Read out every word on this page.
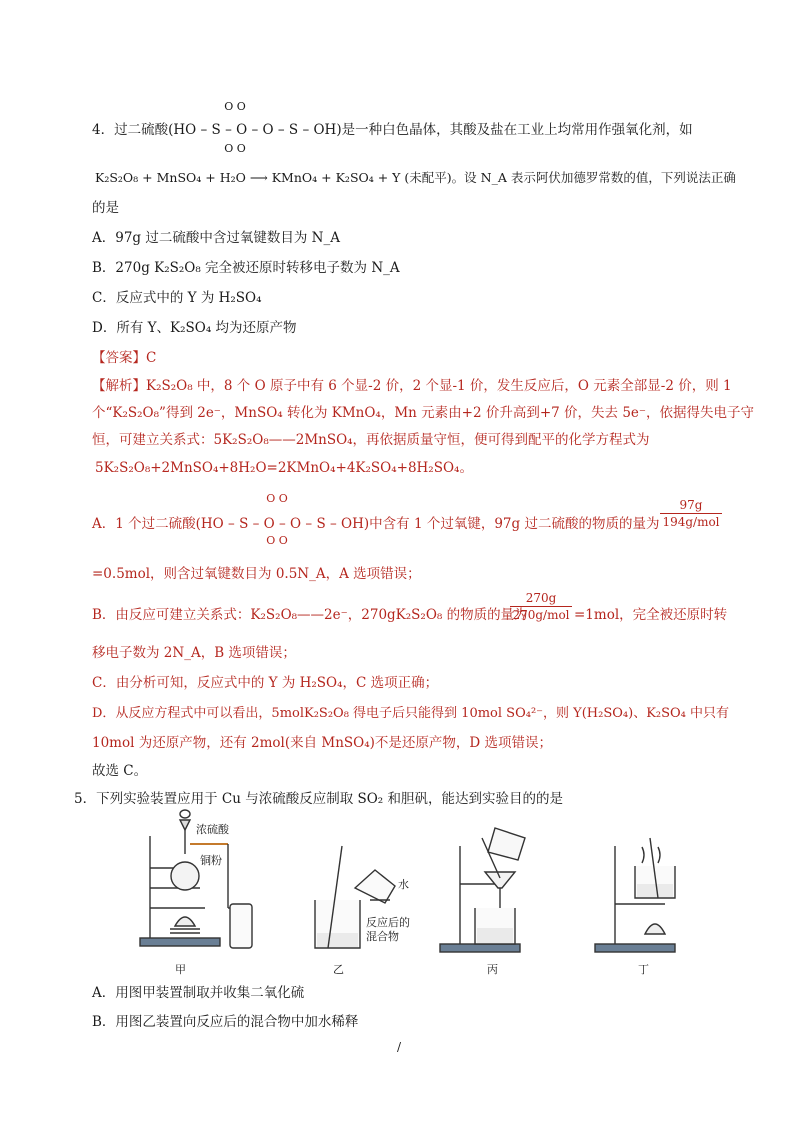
4．过二硫酸(HO – S – O – O – S – OH)是一种白色晶体，其酸及盐在工业上均常用作强氧化剂，如
O O
O O
K₂S₂O₈ + MnSO₄ + H₂O ⟶ KMnO₄ + K₂SO₄ + Y (未配平)。设 N_A 表示阿伏加德罗常数的值，下列说法正确
的是
A．97g 过二硫酸中含过氧键数目为 N_A
B．270g K₂S₂O₈ 完全被还原时转移电子数为 N_A
C．反应式中的 Y 为 H₂SO₄
D．所有 Y、K₂SO₄ 均为还原产物
【答案】C
【解析】K₂S₂O₈ 中，8 个 O 原子中有 6 个显-2 价，2 个显-1 价，发生反应后，O 元素全部显-2 价，则 1
个“K₂S₂O₈”得到 2e⁻，MnSO₄ 转化为 KMnO₄，Mn 元素由+2 价升高到+7 价，失去 5e⁻，依据得失电子守
恒，可建立关系式：5K₂S₂O₈——2MnSO₄，再依据质量守恒，便可得到配平的化学方程式为
5K₂S₂O₈+2MnSO₄+8H₂O=2KMnO₄+4K₂SO₄+8H₂SO₄。
A．1 个过二硫酸(HO – S – O – O – S – OH)中含有 1 个过氧键，97g 过二硫酸的物质的量为
O O
O O
97g
194g/mol
=0.5mol，则含过氧键数目为 0.5N_A，A 选项错误；
B．由反应可建立关系式：K₂S₂O₈——2e⁻，270gK₂S₂O₈ 的物质的量为
270g
270g/mol =1mol，完全被还原时转
移电子数为 2N_A，B 选项错误；
C．由分析可知，反应式中的 Y 为 H₂SO₄，C 选项正确；
D．从反应方程式中可以看出，5molK₂S₂O₈ 得电子后只能得到 10mol SO₄²⁻，则 Y(H₂SO₄)、K₂SO₄ 中只有
10mol 为还原产物，还有 2mol(来自 MnSO₄)不是还原产物，D 选项错误；
故选 C。
5．下列实验装置应用于 Cu 与浓硫酸反应制取 SO₂ 和胆矾，能达到实验目的的是
浓硫酸
铜粉
水
反应后的
混合物
甲	乙	丙	丁
A．用图甲装置制取并收集二氧化硫
B．用图乙装置向反应后的混合物中加水稀释
/
